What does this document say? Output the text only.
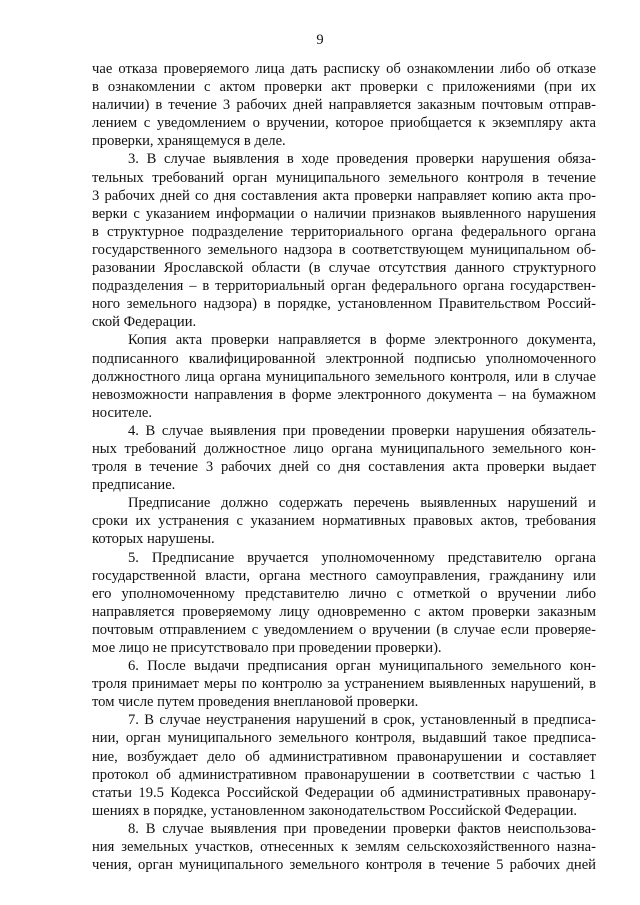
9
чае отказа проверяемого лица дать расписку об ознакомлении либо об отказе
в ознакомлении с актом проверки акт проверки с приложениями (при их
наличии) в течение 3 рабочих дней направляется заказным почтовым отправ-
лением с уведомлением о вручении, которое приобщается к экземпляру акта
проверки, хранящемуся в деле.
3. В случае выявления в ходе проведения проверки нарушения обяза-
тельных требований орган муниципального земельного контроля в течение
3 рабочих дней со дня составления акта проверки направляет копию акта про-
верки с указанием информации о наличии признаков выявленного нарушения
в структурное подразделение территориального органа федерального органа
государственного земельного надзора в соответствующем муниципальном об-
разовании Ярославской области (в случае отсутствия данного структурного
подразделения – в территориальный орган федерального органа государствен-
ного земельного надзора) в порядке, установленном Правительством Россий-
ской Федерации.
Копия акта проверки направляется в форме электронного документа,
подписанного квалифицированной электронной подписью уполномоченного
должностного лица органа муниципального земельного контроля, или в случае
невозможности направления в форме электронного документа – на бумажном
носителе.
4. В случае выявления при проведении проверки нарушения обязатель-
ных требований должностное лицо органа муниципального земельного кон-
троля в течение 3 рабочих дней со дня составления акта проверки выдает
предписание.
Предписание должно содержать перечень выявленных нарушений и
сроки их устранения с указанием нормативных правовых актов, требования
которых нарушены.
5. Предписание вручается уполномоченному представителю органа
государственной власти, органа местного самоуправления, гражданину или
его уполномоченному представителю лично с отметкой о вручении либо
направляется проверяемому лицу одновременно с актом проверки заказным
почтовым отправлением с уведомлением о вручении (в случае если проверяе-
мое лицо не присутствовало при проведении проверки).
6. После выдачи предписания орган муниципального земельного кон-
троля принимает меры по контролю за устранением выявленных нарушений, в
том числе путем проведения внеплановой проверки.
7. В случае неустранения нарушений в срок, установленный в предписа-
нии, орган муниципального земельного контроля, выдавший такое предписа-
ние, возбуждает дело об административном правонарушении и составляет
протокол об административном правонарушении в соответствии с частью 1
статьи 19.5 Кодекса Российской Федерации об административных правонару-
шениях в порядке, установленном законодательством Российской Федерации.
8. В случае выявления при проведении проверки фактов неиспользова-
ния земельных участков, отнесенных к землям сельскохозяйственного назна-
чения, орган муниципального земельного контроля в течение 5 рабочих дней
